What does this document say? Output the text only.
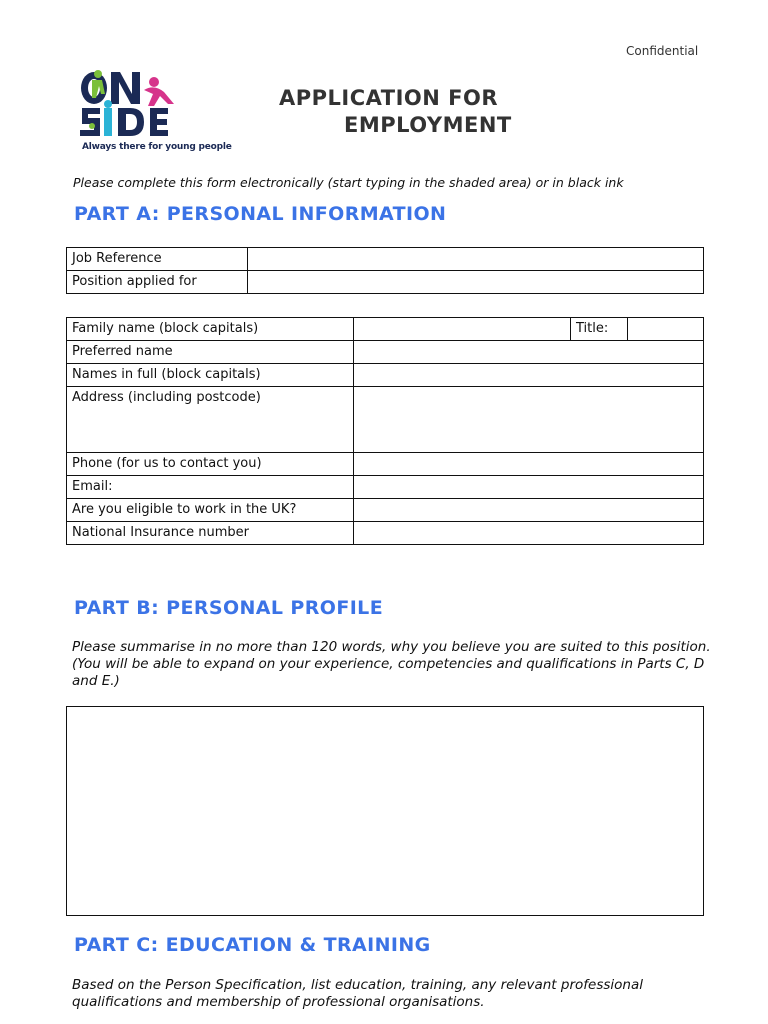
Confidential
Always there for young people
APPLICATION FOR
EMPLOYMENT
Please complete this form electronically (start typing in the shaded area) or in black ink
PART A: PERSONAL INFORMATION
Job Reference	
Position applied for	
Family name (block capitals)		Title:	
Preferred name			
Names in full (block capitals)			
Address (including postcode)			
Phone (for us to contact you)			
Email:			
Are you eligible to work in the UK?			
National Insurance number			
PART B: PERSONAL PROFILE
Please summarise in no more than 120 words, why you believe you are suited to this position. (You will be able to expand on your experience, competencies and qualifications in Parts C, D and E.)
PART C: EDUCATION & TRAINING
Based on the Person Specification, list education, training, any relevant professional qualifications and membership of professional organisations.
